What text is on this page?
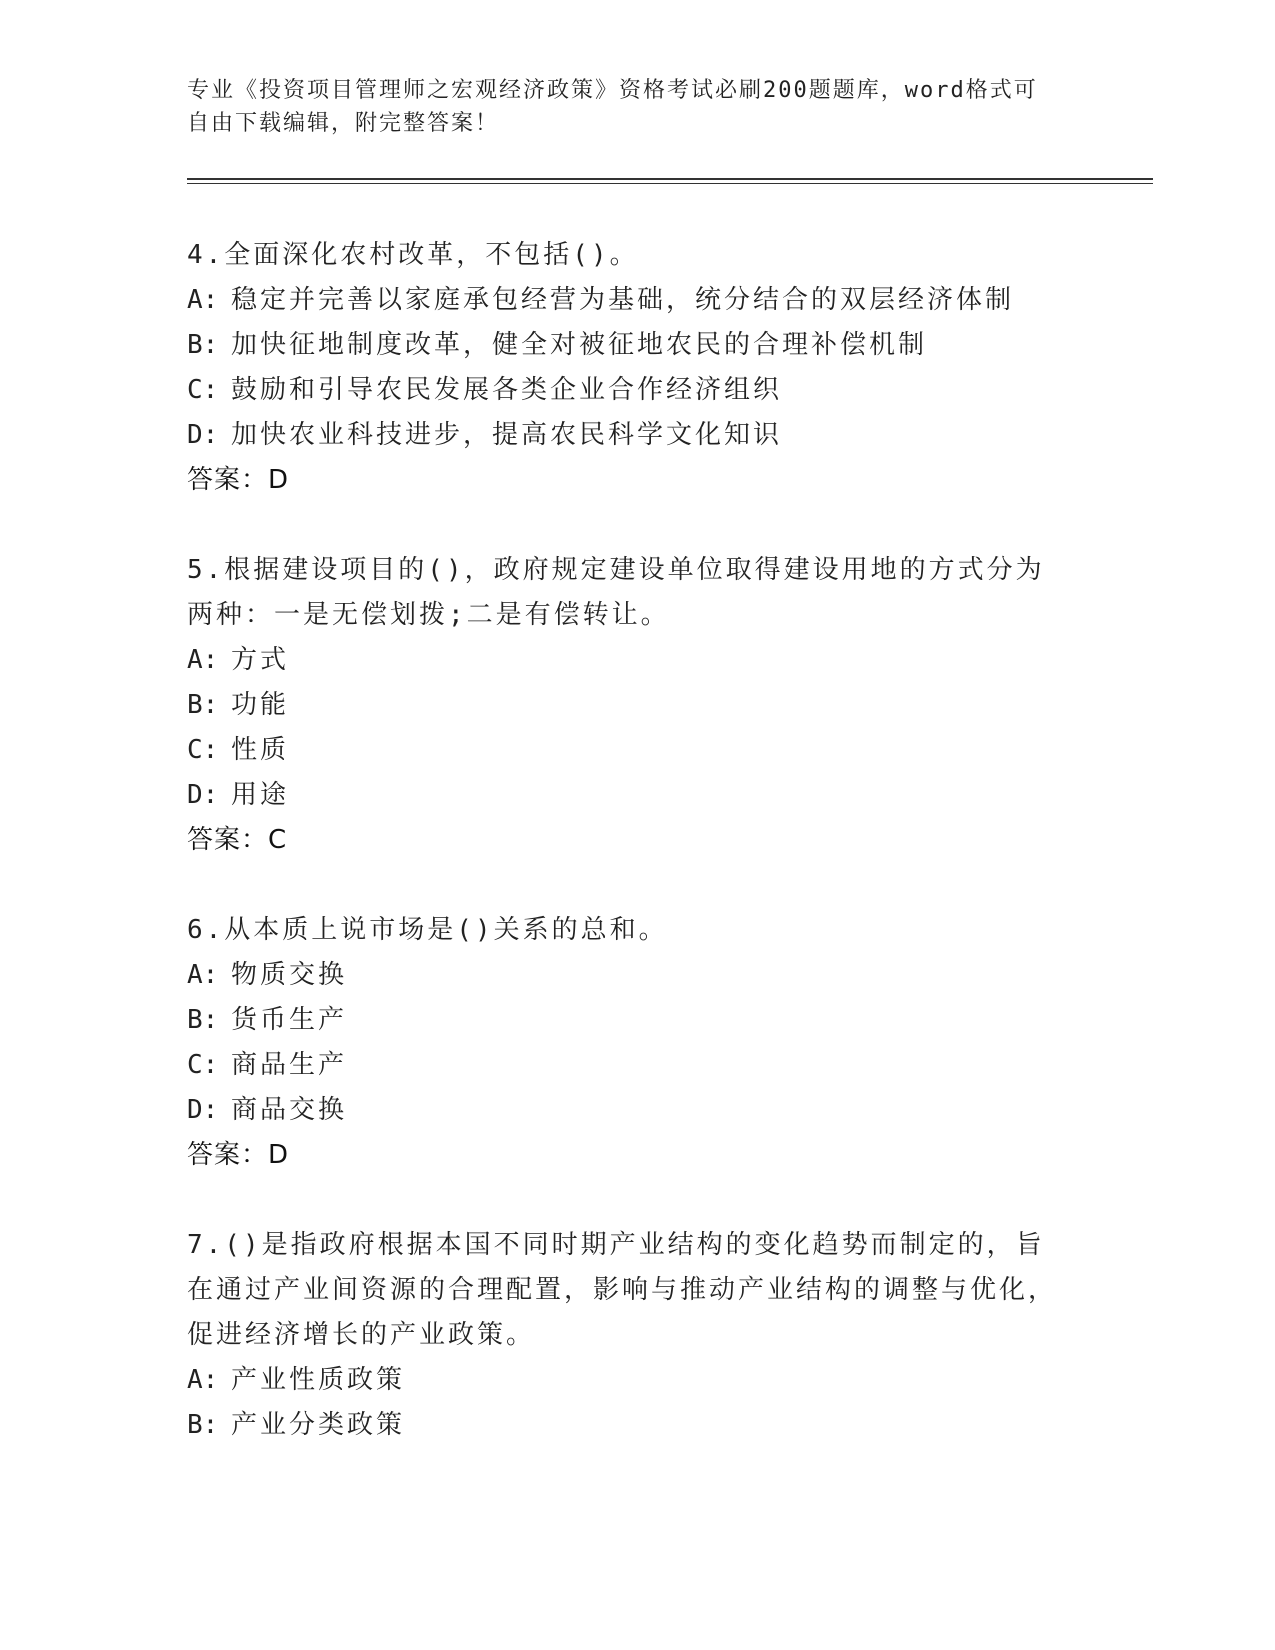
专业《投资项目管理师之宏观经济政策》资格考试必刷200题题库，word格式可
自由下载编辑，附完整答案！
4.全面深化农村改革，不包括()。
A: 稳定并完善以家庭承包经营为基础，统分结合的双层经济体制
B: 加快征地制度改革，健全对被征地农民的合理补偿机制
C: 鼓励和引导农民发展各类企业合作经济组织
D: 加快农业科技进步，提高农民科学文化知识
答案：D
5.根据建设项目的()，政府规定建设单位取得建设用地的方式分为两种：一是无偿划拨;二是有偿转让。
A: 方式
B: 功能
C: 性质
D: 用途
答案：C
6.从本质上说市场是()关系的总和。
A: 物质交换
B: 货币生产
C: 商品生产
D: 商品交换
答案：D
7.()是指政府根据本国不同时期产业结构的变化趋势而制定的，旨在通过产业间资源的合理配置，影响与推动产业结构的调整与优化，促进经济增长的产业政策。
A: 产业性质政策
B: 产业分类政策
